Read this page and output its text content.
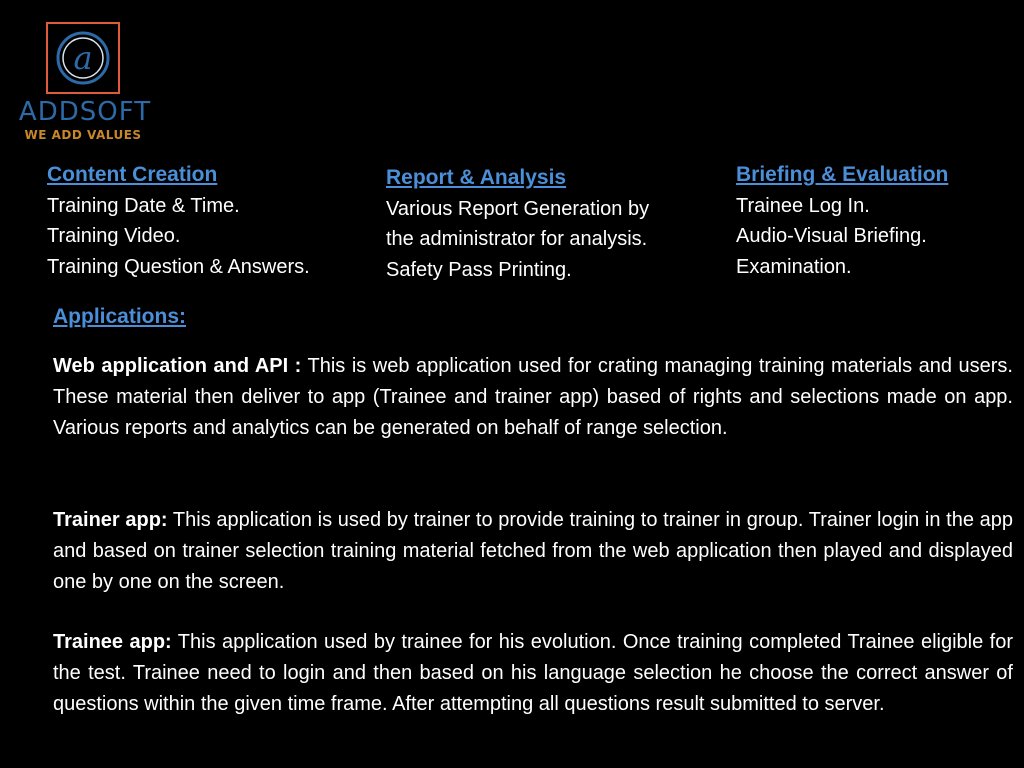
a
ADDSOFT
WE ADD VALUES
Content Creation
Training Date & Time.
Training Video.
Training Question & Answers.
Report & Analysis
Various Report Generation by
the administrator for analysis.
Safety Pass Printing.
Briefing & Evaluation
Trainee Log In.
Audio-Visual Briefing.
Examination.
Applications:

Web application and API : This is web application used for crating managing training materials and users. These material then deliver to app (Trainee and trainer app) based of rights and selections made on app. Various reports and analytics can be generated on behalf of range selection.

Trainer app: This application is used by trainer to provide training to trainer in group. Trainer login in the app and based on trainer selection training material fetched from the web application then played and displayed one by one on the screen.

Trainee app: This application used by trainee for his evolution. Once training completed Trainee eligible for the test. Trainee need to login and then based on his language selection he choose the correct answer of questions within the given time frame. After attempting all questions result submitted to server.
